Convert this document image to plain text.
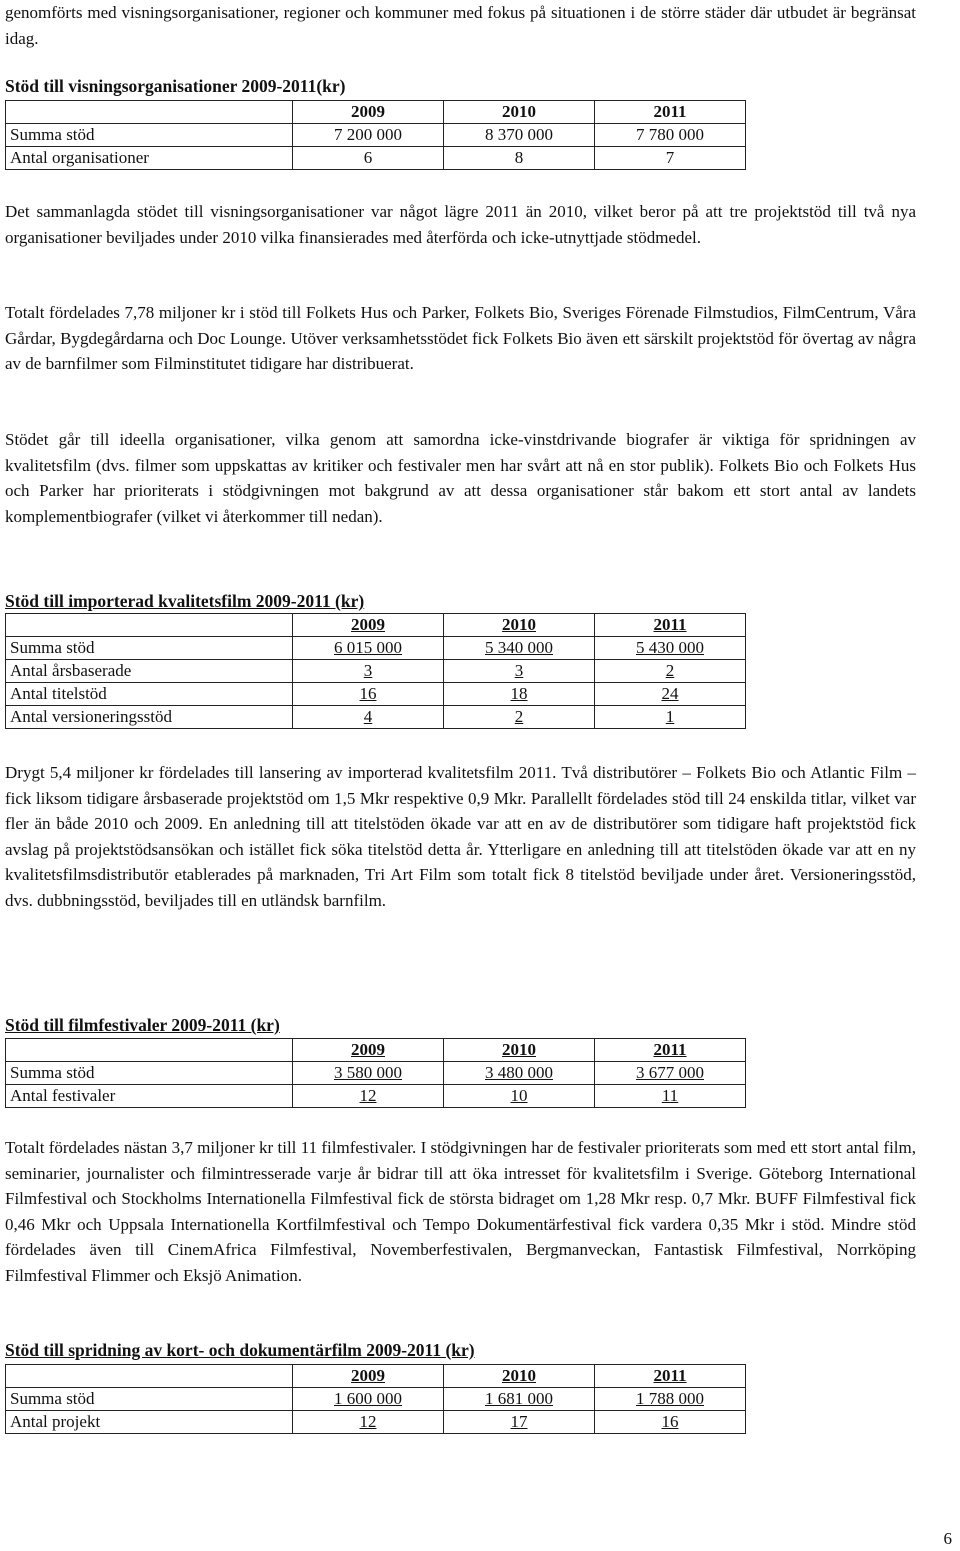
genomförts med visningsorganisationer, regioner och kommuner med fokus på situationen i de större städer där utbudet är begränsat idag.

Stöd till visningsorganisationer 2009-2011(kr)
	2009	2010	2011
Summa stöd	7 200 000	8 370 000	7 780 000
Antal organisationer	6	8	7

Det sammanlagda stödet till visningsorganisationer var något lägre 2011 än 2010, vilket beror på att tre projektstöd till två nya organisationer beviljades under 2010 vilka finansierades med återförda och icke-utnyttjade stödmedel.

Totalt fördelades 7,78 miljoner kr i stöd till Folkets Hus och Parker, Folkets Bio, Sveriges Förenade Filmstudios, FilmCentrum, Våra Gårdar, Bygdegårdarna och Doc Lounge. Utöver verksamhetsstödet fick Folkets Bio även ett särskilt projektstöd för övertag av några av de barnfilmer som Filminstitutet tidigare har distribuerat.

Stödet går till ideella organisationer, vilka genom att samordna icke-vinstdrivande biografer är viktiga för spridningen av kvalitetsfilm (dvs. filmer som uppskattas av kritiker och festivaler men har svårt att nå en stor publik). Folkets Bio och Folkets Hus och Parker har prioriterats i stödgivningen mot bakgrund av att dessa organisationer står bakom ett stort antal av landets komplementbiografer (vilket vi återkommer till nedan).

Stöd till importerad kvalitetsfilm 2009-2011 (kr)
	2009	2010	2011
Summa stöd	6 015 000	5 340 000	5 430 000
Antal årsbaserade	3	3	2
Antal titelstöd	16	18	24
Antal versioneringsstöd	4	2	1

Drygt 5,4 miljoner kr fördelades till lansering av importerad kvalitetsfilm 2011. Två distributörer – Folkets Bio och Atlantic Film – fick liksom tidigare årsbaserade projektstöd om 1,5 Mkr respektive 0,9 Mkr. Parallellt fördelades stöd till 24 enskilda titlar, vilket var fler än både 2010 och 2009. En anledning till att titelstöden ökade var att en av de distributörer som tidigare haft projektstöd fick avslag på projektstödsansökan och istället fick söka titelstöd detta år. Ytterligare en anledning till att titelstöden ökade var att en ny kvalitetsfilmsdistributör etablerades på marknaden, Tri Art Film som totalt fick 8 titelstöd beviljade under året. Versioneringsstöd, dvs. dubbningsstöd, beviljades till en utländsk barnfilm.

Stöd till filmfestivaler 2009-2011 (kr)
	2009	2010	2011
Summa stöd	3 580 000	3 480 000	3 677 000
Antal festivaler	12	10	11

Totalt fördelades nästan 3,7 miljoner kr till 11 filmfestivaler. I stödgivningen har de festivaler prioriterats som med ett stort antal film, seminarier, journalister och filmintresserade varje år bidrar till att öka intresset för kvalitetsfilm i Sverige. Göteborg International Filmfestival och Stockholms Internationella Filmfestival fick de största bidraget om 1,28 Mkr resp. 0,7 Mkr. BUFF Filmfestival fick 0,46 Mkr och Uppsala Internationella Kortfilmfestival och Tempo Dokumentärfestival fick vardera 0,35 Mkr i stöd. Mindre stöd fördelades även till CinemAfrica Filmfestival, Novemberfestivalen, Bergmanveckan, Fantastisk Filmfestival, Norrköping Filmfestival Flimmer och Eksjö Animation.

Stöd till spridning av kort- och dokumentärfilm 2009-2011 (kr)
	2009	2010	2011
Summa stöd	1 600 000	1 681 000	1 788 000
Antal projekt	12	17	16
6
